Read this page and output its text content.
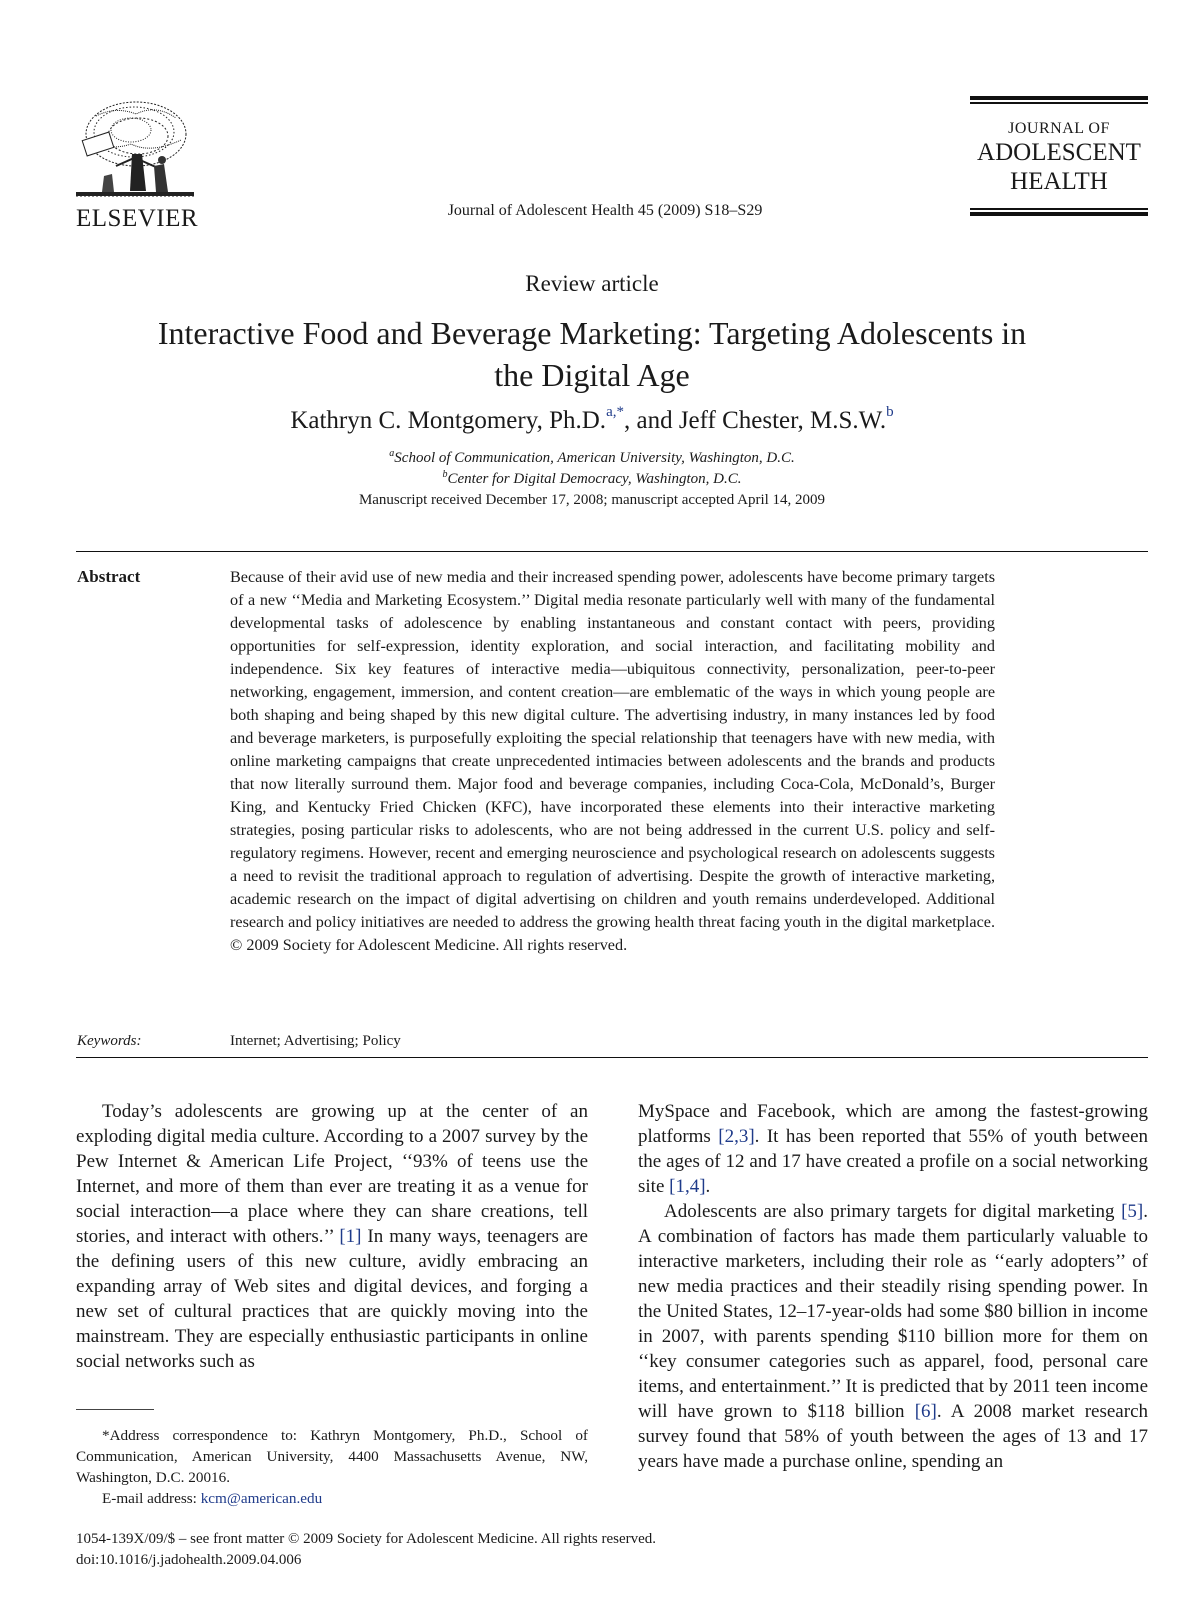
ELSEVIER	Journal of Adolescent Health 45 (2009) S18–S29
JOURNAL OF
ADOLESCENT
HEALTH
Review article
Interactive Food and Beverage Marketing: Targeting Adolescents in
the Digital Age
Kathryn C. Montgomery, Ph.D.$^{a,*}$, and Jeff Chester, M.S.W.$^b$
$^a$School of Communication, American University, Washington, D.C.
$^b$Center for Digital Democracy, Washington, D.C.
Manuscript received December 17, 2008; manuscript accepted April 14, 2009
Abstract	Because of their avid use of new media and their increased spending power, adolescents have become primary targets of a new ‘‘Media and Marketing Ecosystem.’’ Digital media resonate particularly well with many of the fundamental developmental tasks of adolescence by enabling instantaneous and constant contact with peers, providing opportunities for self-expression, identity exploration, and social interaction, and facilitating mobility and independence. Six key features of interactive media—ubiquitous connectivity, personalization, peer-to-peer networking, engagement, immersion, and content creation—are emblematic of the ways in which young people are both shaping and being shaped by this new digital culture. The advertising industry, in many instances led by food and beverage marketers, is purposefully exploiting the special relationship that teenagers have with new media, with online marketing campaigns that create unprecedented intimacies between adolescents and the brands and products that now literally surround them. Major food and beverage companies, including Coca-Cola, McDonald’s, Burger King, and Kentucky Fried Chicken (KFC), have incorporated these elements into their interactive marketing strategies, posing particular risks to adolescents, who are not being addressed in the current U.S. policy and self-regulatory regimens. However, recent and emerging neuroscience and psychological research on adolescents suggests a need to revisit the traditional approach to regulation of advertising. Despite the growth of interactive marketing, academic research on the impact of digital advertising on children and youth remains underdeveloped. Additional research and policy initiatives are needed to address the growing health threat facing youth in the digital marketplace. © 2009 Society for Adolescent Medicine. All rights reserved.

Keywords:	Internet; Advertising; Policy

Today’s adolescents are growing up at the center of an exploding digital media culture. According to a 2007 survey by the Pew Internet & American Life Project, ‘‘93% of teens use the Internet, and more of them than ever are treating it as a venue for social interaction—a place where they can share creations, tell stories, and interact with others.’’ [1] In many ways, teenagers are the defining users of this new culture, avidly embracing an expanding array of Web sites and digital devices, and forging a new set of cultural practices that are quickly moving into the mainstream. They are especially enthusiastic participants in online social networks such as

MySpace and Facebook, which are among the fastest-growing platforms [2,3]. It has been reported that 55% of youth between the ages of 12 and 17 have created a profile on a social networking site [1,4].

Adolescents are also primary targets for digital marketing [5]. A combination of factors has made them particularly valuable to interactive marketers, including their role as ‘‘early adopters’’ of new media practices and their steadily rising spending power. In the United States, 12–17-year-olds had some $80 billion in income in 2007, with parents spending $110 billion more for them on ‘‘key consumer categories such as apparel, food, personal care items, and entertainment.’’ It is predicted that by 2011 teen income will have grown to $118 billion [6]. A 2008 market research survey found that 58% of youth between the ages of 13 and 17 years have made a purchase online, spending an

*Address correspondence to: Kathryn Montgomery, Ph.D., School of Communication, American University, 4400 Massachusetts Avenue, NW, Washington, D.C. 20016.

E-mail address: kcm@american.edu
1054-139X/09/$ – see front matter © 2009 Society for Adolescent Medicine. All rights reserved.
doi:10.1016/j.jadohealth.2009.04.006
